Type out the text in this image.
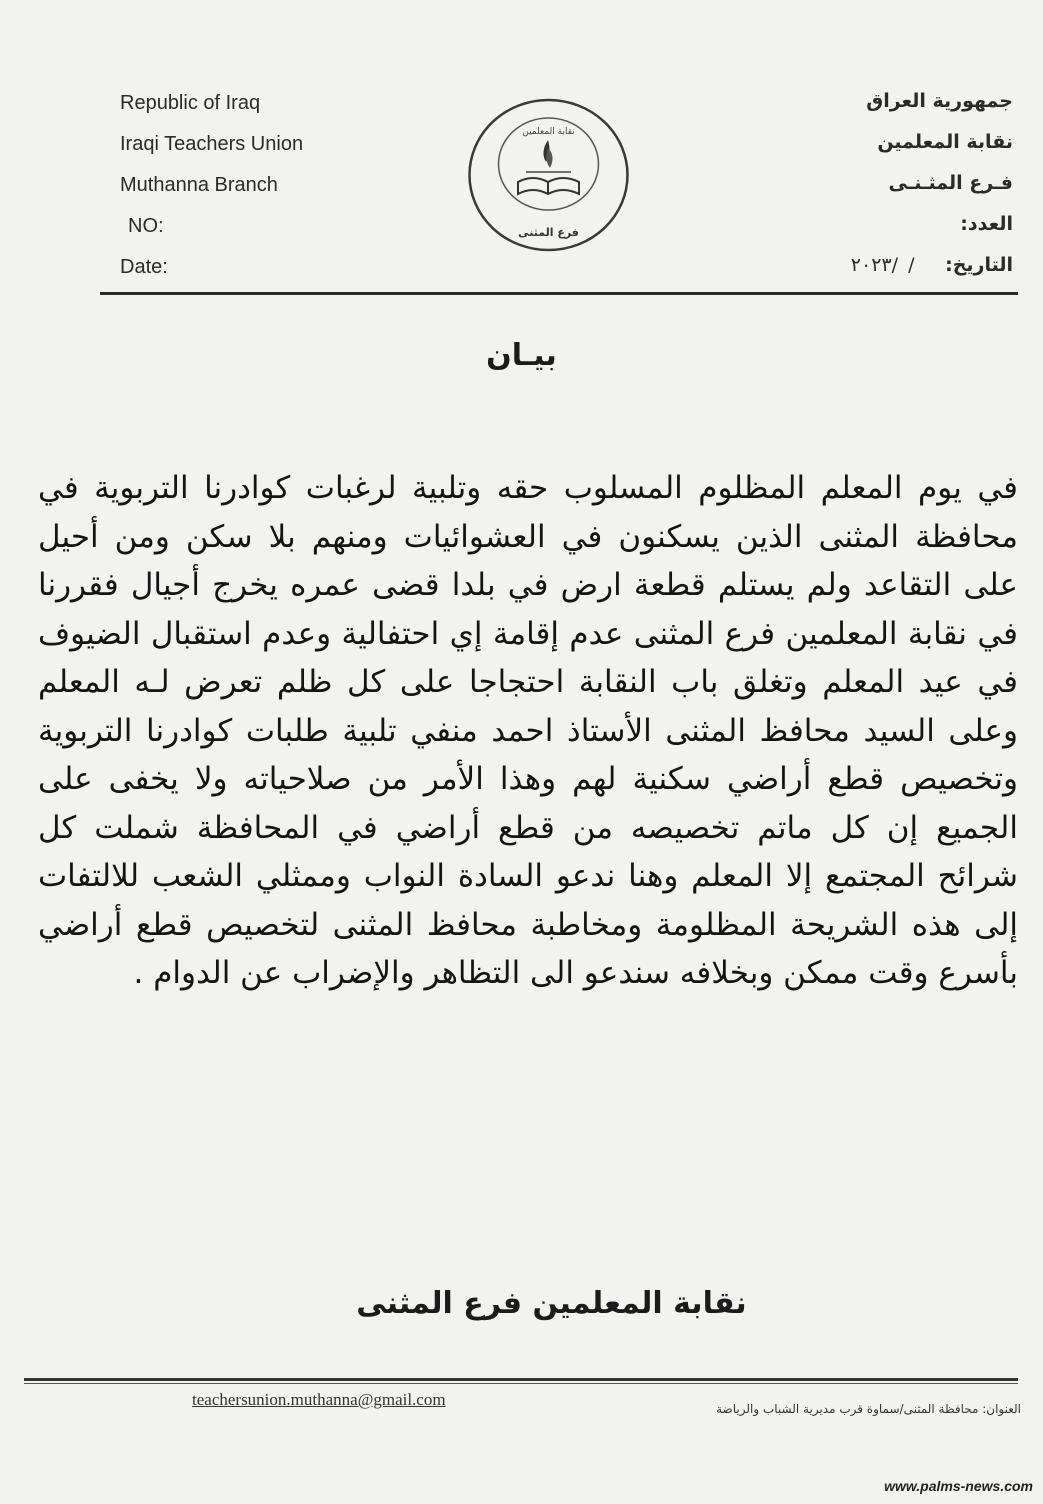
Republic of Iraq
Iraqi Teachers Union
Muthanna Branch
NO:
Date:
نقابة المعلمين
فرع المثنى
جمهورية العراق
نقابة المعلمين
فـرع المثـنـى
العدد:
التاريخ: / /٢٠٢٣
بيـان
في يوم المعلم المظلوم المسلوب حقه وتلبية لرغبات كوادرنا التربوية في محافظة المثنى الذين يسكنون في العشوائيات ومنهم بلا سكن ومن أحيل على التقاعد ولم يستلم قطعة ارض في بلدا قضى عمره يخرج أجيال فقررنا في نقابة المعلمين فرع المثنى عدم إقامة إي احتفالية وعدم استقبال الضيوف في عيد المعلم وتغلق باب النقابة احتجاجا على كل ظلم تعرض لـه المعلم وعلى السيد محافظ المثنى الأستاذ احمد منفي تلبية طلبات كوادرنا التربوية وتخصيص قطع أراضي سكنية لهم وهذا الأمر من صلاحياته ولا يخفى على الجميع إن كل ماتم تخصيصه من قطع أراضي في المحافظة شملت كل شرائح المجتمع إلا المعلم وهنا ندعو السادة النواب وممثلي الشعب للالتفات إلى هذه الشريحة المظلومة ومخاطبة محافظ المثنى لتخصيص قطع أراضي بأسرع وقت ممكن وبخلافه سندعو الى التظاهر والإضراب عن الدوام .
نقابة المعلمين فرع المثنى
teachersunion.muthanna@gmail.com	العنوان: محافظة المثنى/سماوة قرب مديرية الشباب والرياضة
www.palms-news.com
